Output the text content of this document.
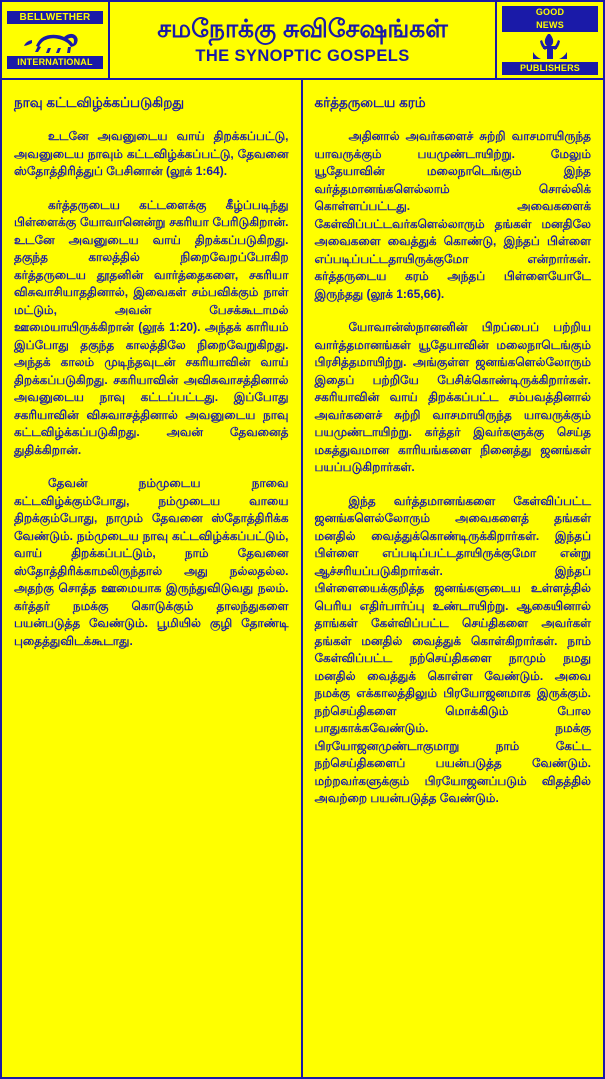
BELLWETHER
INTERNATIONAL
சமநோக்கு சுவிசேஷங்கள்
THE SYNOPTIC GOSPELS
GOOD
NEWS
PUBLISHERS
நாவு கட்டவிழ்க்கப்படுகிறது

உடனே அவனுடைய வாய் திறக்கப்பட்டு, அவனுடைய நாவும் கட்டவிழ்க்கப்பட்டு, தேவனை ஸ்தோத்திரித்துப் பேசினான் (லூக் 1:64).

கர்த்தருடைய கட்டளைக்கு கீழ்ப்படிந்து பிள்ளைக்கு யோவானென்று சகரியா பேரிடுகிறான். உடனே அவனுடைய வாய் திறக்கப்படுகிறது. தகுந்த காலத்தில் நிறைவேறப்போகிற கர்த்தருடைய தூதனின் வார்த்தைகளை, சகரியா விசுவாசியாததினால், இவைகள் சம்பவிக்கும் நாள் மட்டும், அவன் பேசக்கூடாமல் ஊமையாயிருக்கிறான் (லூக் 1:20). அந்தக் காரியம் இப்போது தகுந்த காலத்திலே நிறைவேறுகிறது. அந்தக் காலம் முடிந்தவுடன் சகரியாவின் வாய் திறக்கப்படுகிறது. சகரியாவின் அவிசுவாசத்தினால் அவனுடைய நாவு கட்டப்பட்டது. இப்போது சகரியாவின் விசுவாசத்தினால் அவனுடைய நாவு கட்டவிழ்க்கப்படுகிறது. அவன் தேவனைத் துதிக்கிறான்.

தேவன் நம்முடைய நாவை கட்டவிழ்க்கும்போது, நம்முடைய வாயை திறக்கும்போது, நாமும் தேவனை ஸ்தோத்திரிக்க வேண்டும். நம்முடைய நாவு கட்டவிழ்க்கப்பட்டும், வாய் திறக்கப்பட்டும், நாம் தேவனை ஸ்தோத்திரிக்காமலிருந்தால் அது நல்லதல்ல. அதற்கு சொத்த ஊமையாக இருந்துவிடுவது நலம். கர்த்தர் நமக்கு கொடுக்கும் தாலந்துகளை பயன்படுத்த வேண்டும். பூமியில் குழி தோண்டி புதைத்துவிடக்கூடாது.

கர்த்தருடைய கரம்

அதினால் அவர்களைச் சுற்றி வாசமாயிருந்த யாவருக்கும் பயமுண்டாயிற்று. மேலும் யூதேயாவின் மலைநாடெங்கும் இந்த வர்த்தமானங்களெல்லாம் சொல்லிக் கொள்ளப்பட்டது. அவைகளைக் கேள்விப்பட்டவர்களெல்லாரும் தங்கள் மனதிலே அவைகளை வைத்துக் கொண்டு, இந்தப் பிள்ளை எப்படிப்பட்டதாயிருக்குமோ என்றார்கள். கர்த்தருடைய கரம் அந்தப் பிள்ளையோடே இருந்தது (லூக் 1:65,66).

யோவான்ஸ்நானனின் பிறப்பைப் பற்றிய வார்த்தமானங்கள் யூதேயாவின் மலைநாடெங்கும் பிரசித்தமாயிற்று. அங்குள்ள ஜனங்களெல்லோரும் இதைப் பற்றியே பேசிக்கொண்டிருக்கிறார்கள். சகரியாவின் வாய் திறக்கப்பட்ட சம்பவத்தினால் அவர்களைச் சுற்றி வாசமாயிருந்த யாவருக்கும் பயமுண்டாயிற்று. கர்த்தர் இவர்களுக்கு செய்த மகத்துவமான காரியங்களை நினைத்து ஜனங்கள் பயப்படுகிறார்கள்.

இந்த வர்த்தமானங்களை கேள்விப்பட்ட ஜனங்களெல்லோரும் அவைகளைத் தங்கள் மனதில் வைத்துக்கொண்டிருக்கிறார்கள். இந்தப் பிள்ளை எப்படிப்பட்டதாயிருக்குமோ என்று ஆச்சரியப்படுகிறார்கள். இந்தப் பிள்ளையைக்குறித்த ஜனங்களுடைய உள்ளத்தில் பெரிய எதிர்பார்ப்பு உண்டாயிற்று. ஆகையினால் தாங்கள் கேள்விப்பட்ட செய்திகளை அவர்கள் தங்கள் மனதில் வைத்துக் கொள்கிறார்கள். நாம் கேள்விப்பட்ட நற்செய்திகளை நாமும் நமது மனதில் வைத்துக் கொள்ள வேண்டும். அவை நமக்கு எக்காலத்திலும் பிரயோஜனமாக இருக்கும். நற்செய்திகளை மொக்கிடும் போல பாதுகாக்கவேண்டும். நமக்கு பிரயோஜனமுண்டாகுமாறு நாம் கேட்ட நற்செய்திகளைப் பயன்படுத்த வேண்டும். மற்றவர்களுக்கும் பிரயோஜனப்படும் விதத்தில் அவற்றை பயன்படுத்த வேண்டும்.
